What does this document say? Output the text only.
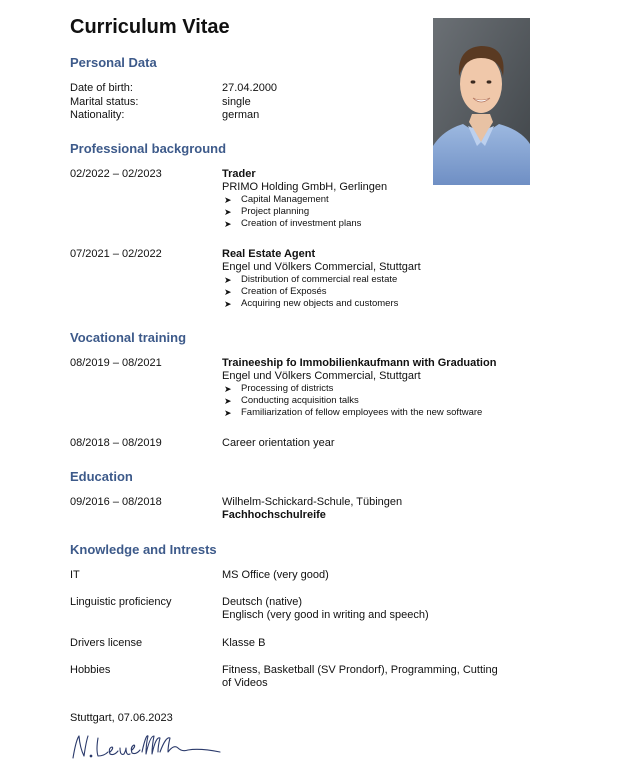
Curriculum Vitae
Personal Data
Date of birth:	27.04.2000
Marital status:	single
Nationality:	german
Professional background
02/2022 – 02/2023	Trader
PRIMO Holding GmbH, Gerlingen
➤ Capital Management
➤ Project planning
➤ Creation of investment plans
07/2021 – 02/2022	Real Estate Agent
Engel und Völkers Commercial, Stuttgart
➤ Distribution of commercial real estate
➤ Creation of Exposés
➤ Acquiring new objects and customers
Vocational training
08/2019 – 08/2021	Traineeship fo Immobilienkaufmann with Graduation
Engel und Völkers Commercial, Stuttgart
➤ Processing of districts
➤ Conducting acquisition talks
➤ Familiarization of fellow employees with the new software
08/2018 – 08/2019	Career orientation year
Education
09/2016 – 08/2018	Wilhelm-Schickard-Schule, Tübingen
Fachhochschulreife
Knowledge and Intrests
IT	MS Office (very good)
Linguistic proficiency	Deutsch (native)
Englisch (very good in writing and speech)
Drivers license	Klasse B
Hobbies	Fitness, Basketball (SV Prondorf), Programming, Cutting
of Videos
Stuttgart, 07.06.2023
